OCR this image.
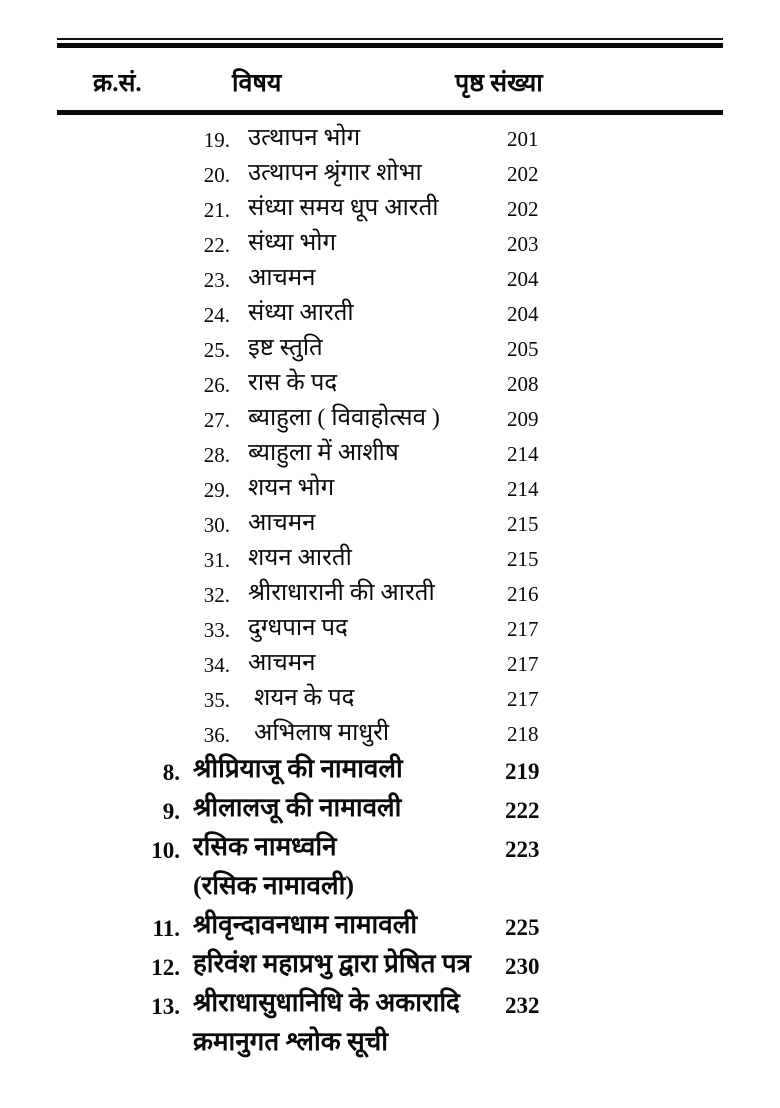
क्र.सं.	विषय	पृष्ठ संख्या
19. उत्थापन भोग	201
20. उत्थापन श्रृंगार शोभा	202
21. संध्या समय धूप आरती	202
22. संध्या भोग	203
23. आचमन	204
24. संध्या आरती	204
25. इष्ट स्तुति	205
26. रास के पद	208
27. ब्याहुला ( विवाहोत्सव )	209
28. ब्याहुला में आशीष	214
29. शयन भोग	214
30. आचमन	215
31. शयन आरती	215
32. श्रीराधारानी की आरती	216
33. दुग्धपान पद	217
34. आचमन	217
35. शयन के पद	217
36. अभिलाष माधुरी	218
8. श्रीप्रियाजू की नामावली	219
9. श्रीलालजू की नामावली	222
10. रसिक नामध्वनि	223
(रसिक नामावली)
11. श्रीवृन्दावनधाम नामावली	225
12. हरिवंश महाप्रभु द्वारा प्रेषित पत्र 230
13. श्रीराधासुधानिधि के अकारादि 232
क्रमानुगत श्लोक सूची
